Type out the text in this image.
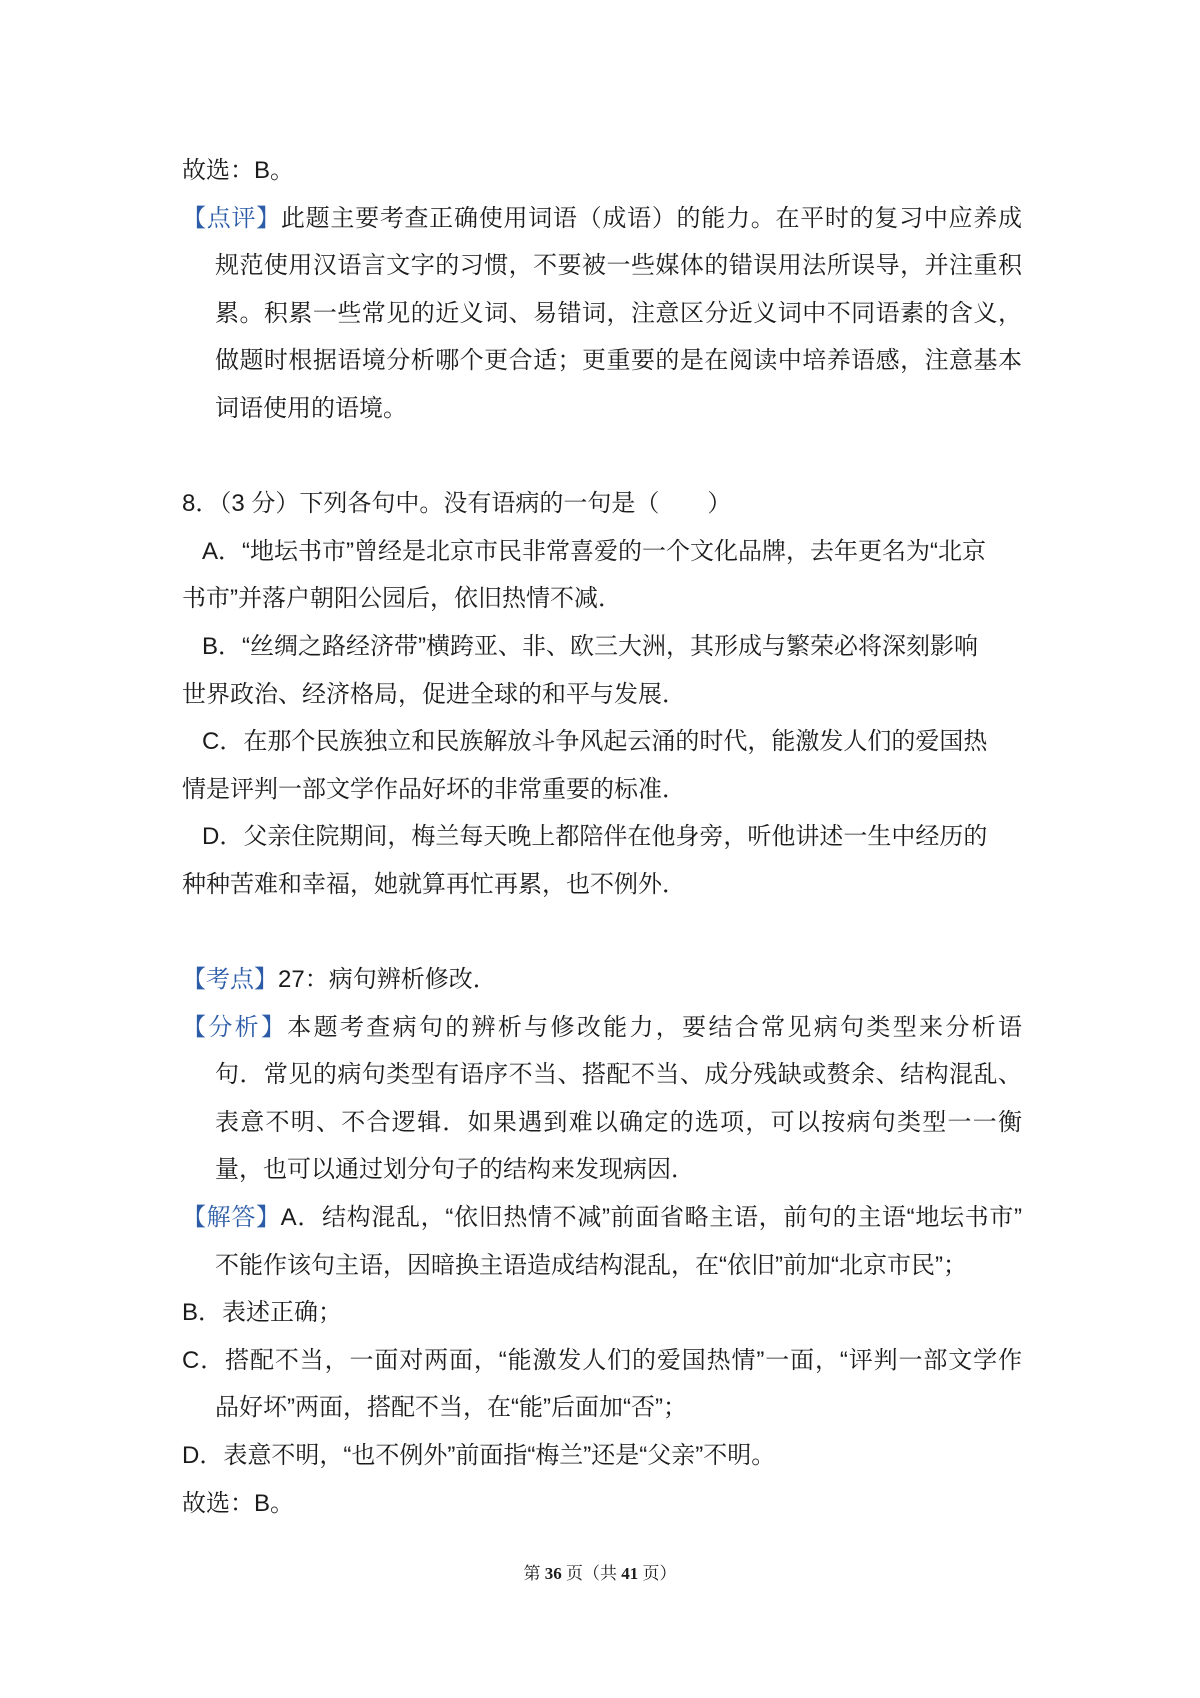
故选：B。
【点评】此题主要考查正确使用词语（成语）的能力。在平时的复习中应养成
规范使用汉语言文字的习惯，不要被一些媒体的错误用法所误导，并注重积
累。积累一些常见的近义词、易错词，注意区分近义词中不同语素的含义，
做题时根据语境分析哪个更合适；更重要的是在阅读中培养语感，注意基本
词语使用的语境。
8．（3 分）下列各句中。没有语病的一句是（　　）
A．“地坛书市”曾经是北京市民非常喜爱的一个文化品牌，去年更名为“北京
书市”并落户朝阳公园后，依旧热情不减．
B．“丝绸之路经济带”横跨亚、非、欧三大洲，其形成与繁荣必将深刻影响
世界政治、经济格局，促进全球的和平与发展．
C．在那个民族独立和民族解放斗争风起云涌的时代，能激发人们的爱国热
情是评判一部文学作品好坏的非常重要的标准．
D．父亲住院期间，梅兰每天晚上都陪伴在他身旁，听他讲述一生中经历的
种种苦难和幸福，她就算再忙再累，也不例外．
【考点】27：病句辨析修改．
【分析】本题考查病句的辨析与修改能力，要结合常见病句类型来分析语
句．常见的病句类型有语序不当、搭配不当、成分残缺或赘余、结构混乱、
表意不明、不合逻辑．如果遇到难以确定的选项，可以按病句类型一一衡
量，也可以通过划分句子的结构来发现病因．
【解答】A．结构混乱，“依旧热情不减”前面省略主语，前句的主语“地坛书市”
不能作该句主语，因暗换主语造成结构混乱，在“依旧”前加“北京市民”；
B．表述正确；
C．搭配不当，一面对两面，“能激发人们的爱国热情”一面，“评判一部文学作
品好坏”两面，搭配不当，在“能”后面加“否”；
D．表意不明，“也不例外”前面指“梅兰”还是“父亲”不明。
故选：B。
第 36 页（共 41 页）
